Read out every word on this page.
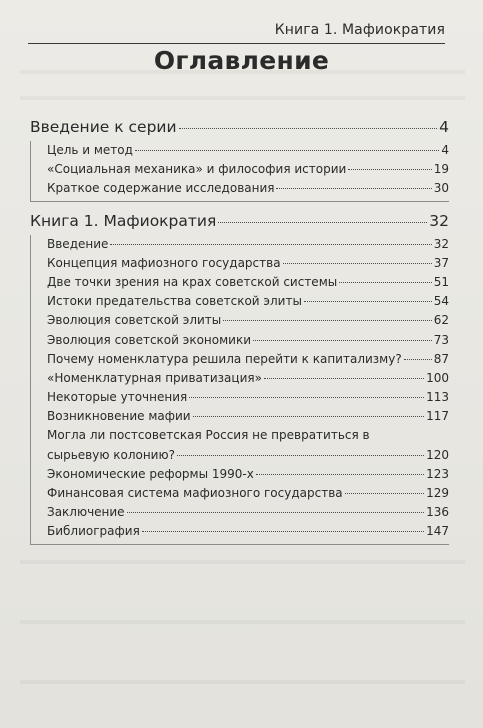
Книга 1. Мафиократия
Оглавление
Введение к серии	4
Цель и метод	4
«Социальная механика» и философия истории	19
Краткое содержание исследования	30
Книга 1. Мафиократия	32
Введение	32
Концепция мафиозного государства	37
Две точки зрения на крах советской системы	51
Истоки предательства советской элиты	54
Эволюция советской элиты	62
Эволюция советской экономики	73
Почему номенклатура решила перейти к капитализму?	87
«Номенклатурная приватизация»	100
Некоторые уточнения	113
Возникновение мафии	117
Могла ли постсоветская Россия не превратиться в
сырьевую колонию?	120
Экономические реформы 1990-х	123
Финансовая система мафиозного государства	129
Заключение	136
Библиография	147
